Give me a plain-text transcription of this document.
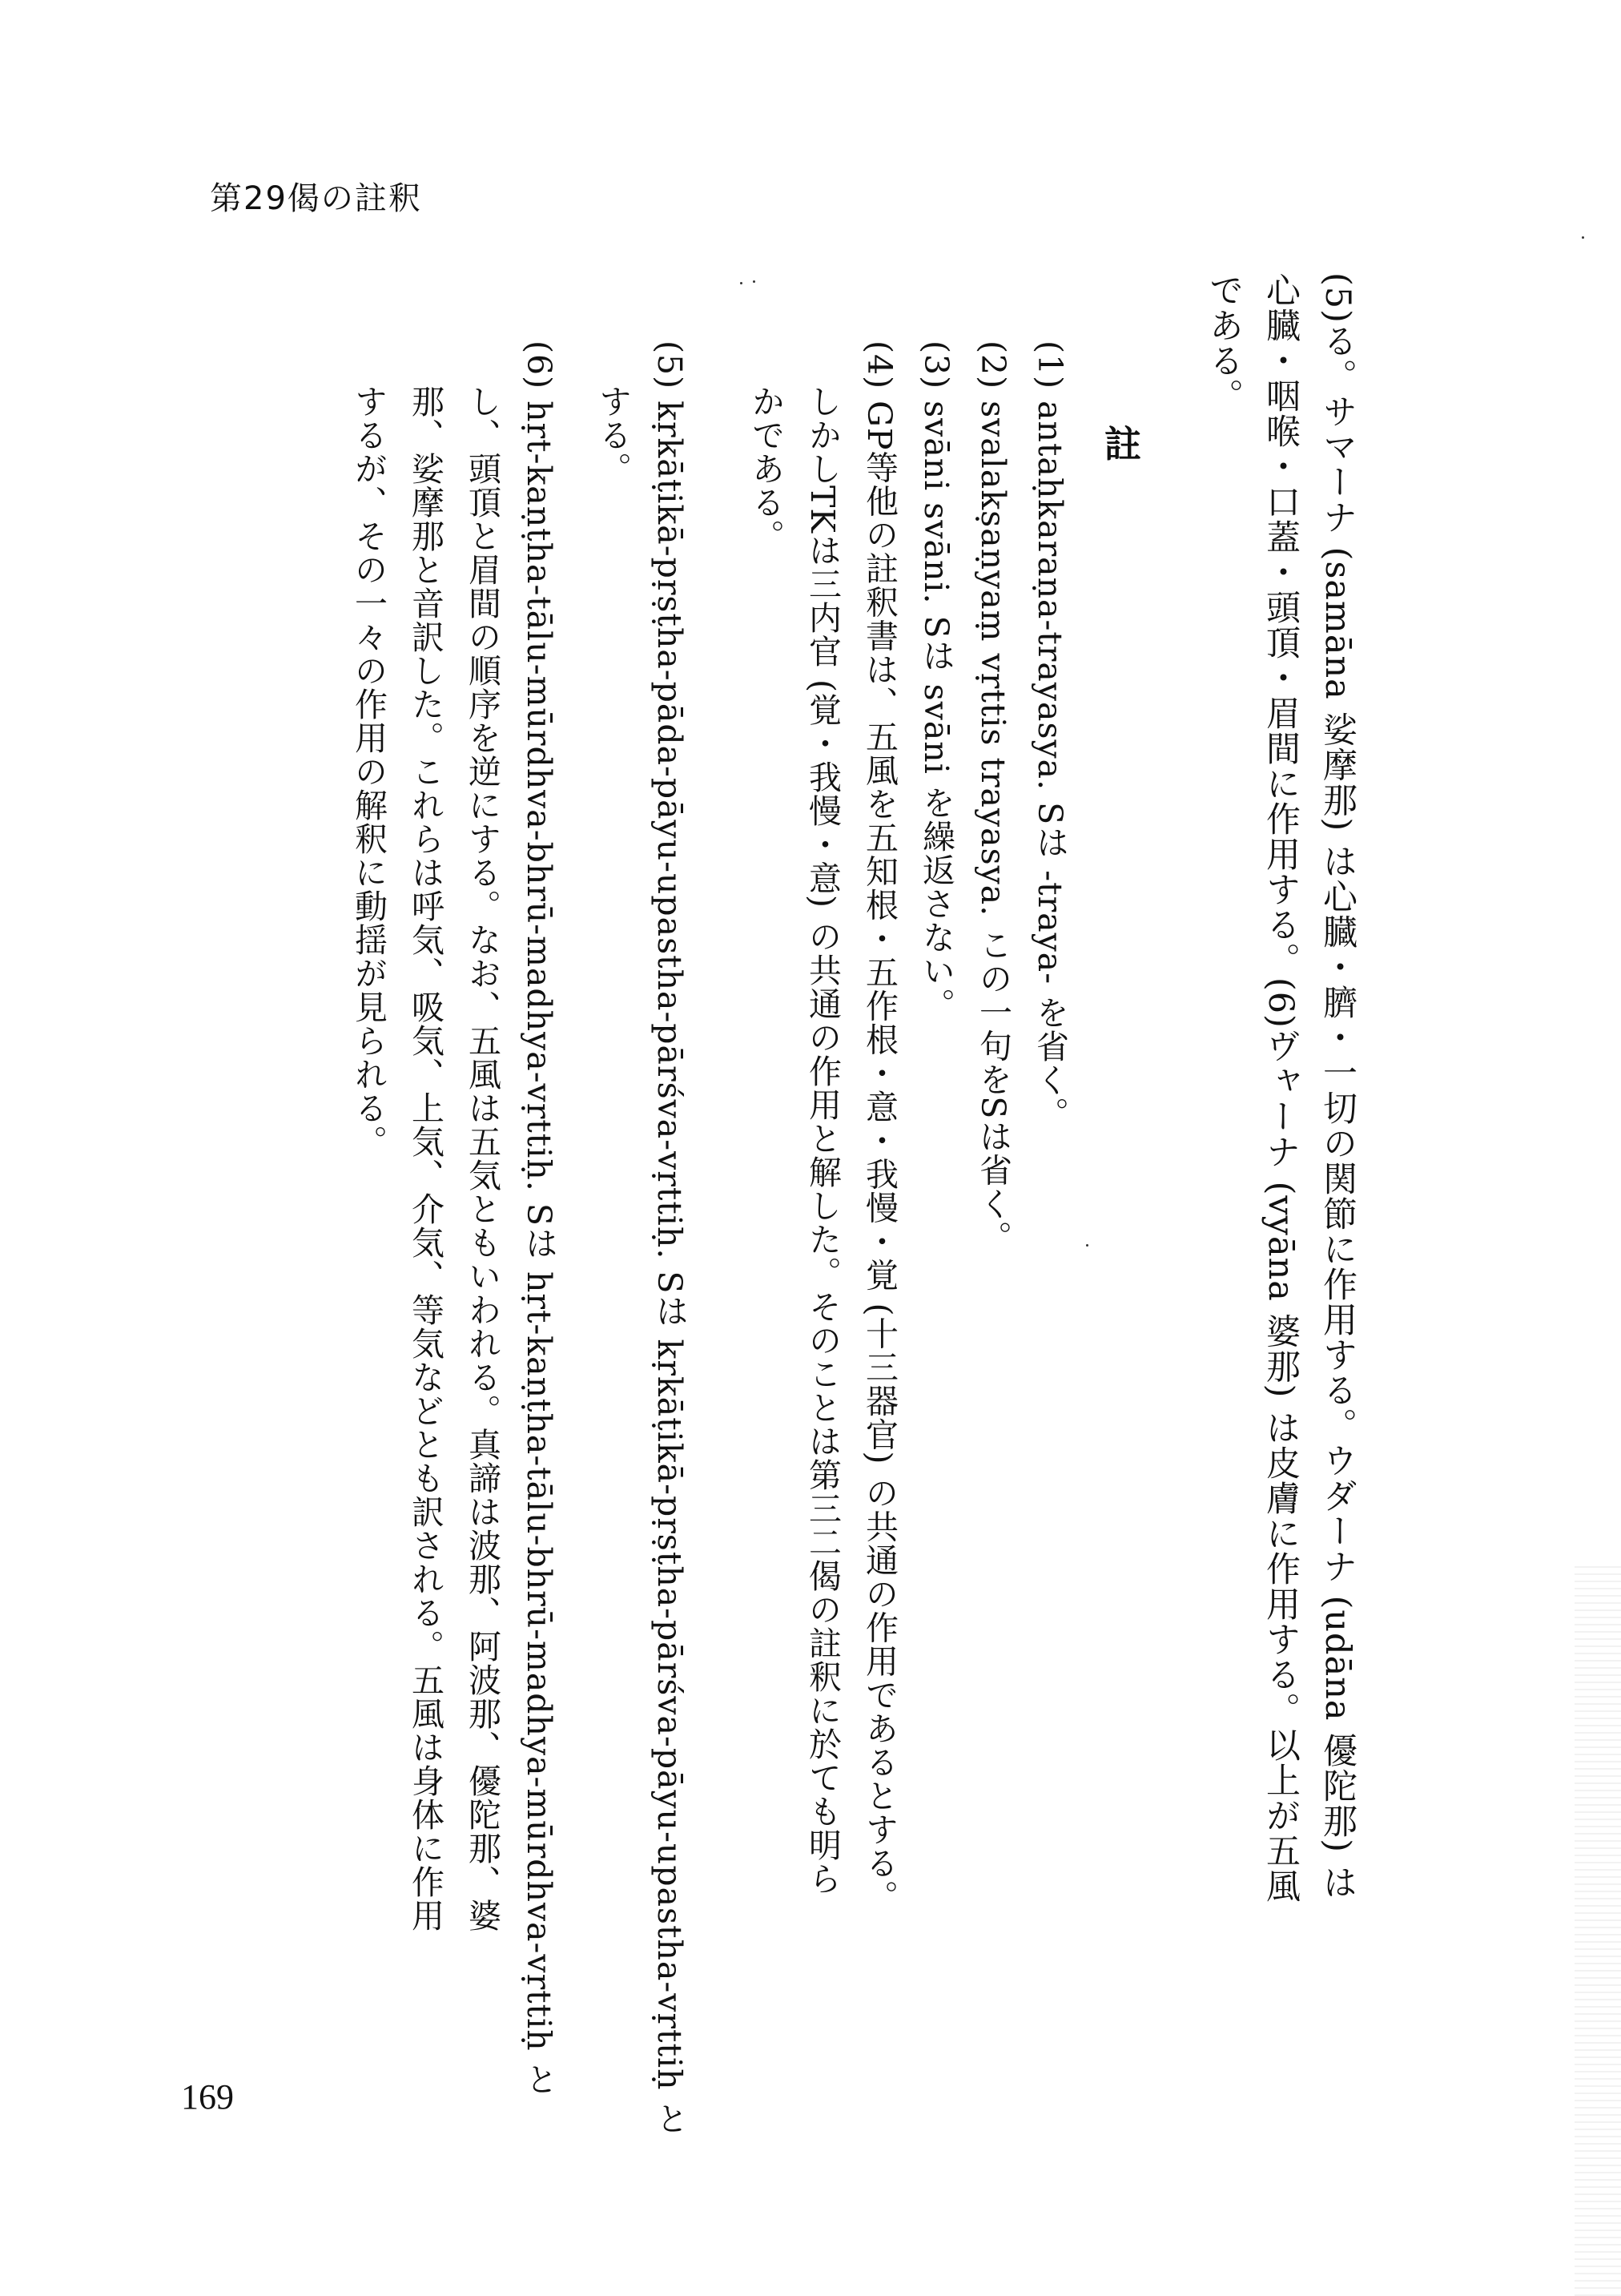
第29偈の註釈
(5)る。サマーナ (samāna 娑摩那) は心臓・臍・一切の関節に作用する。ウダーナ (udāna 優陀那) は
心臓・咽喉・口蓋・頭頂・眉間に作用する。(6)ヴャーナ (vyāna 婆那) は皮膚に作用する。以上が五風
である。
註
(1) antaḥkaraṇa-trayasya. Sは -traya- を省く。
(2) svalakṣaṇyaṃ vṛttis trayasya. この一句をSは省く。
(3) svāni svāni. Sは svāni を繰返さない。
(4) GP等他の註釈書は、五風を五知根・五作根・意・我慢・覚 (十三器官) の共通の作用であるとする。
しかしTKは三内官 (覚・我慢・意) の共通の作用と解した。そのことは第三二偈の註釈に於ても明ら
かである。
(5) kṛkāṭikā-pṛṣṭha-pāda-pāyu-upastha-pārśva-vṛttiḥ. Sは kṛkāṭikā-pṛṣṭha-pārśva-pāyu-upastha-vṛttiḥ と
する。
(6) hṛt-kaṇṭha-tālu-mūrdhva-bhrū-madhya-vṛttiḥ. Sは hṛt-kaṇṭha-tālu-bhrū-madhya-mūrdhva-vṛttiḥ と
し、頭頂と眉間の順序を逆にする。なお、五風は五気ともいわれる。真諦は波那、阿波那、優陀那、婆
那、娑摩那と音訳した。これらは呼気、吸気、上気、介気、等気などとも訳される。五風は身体に作用
するが、その一々の作用の解釈に動揺が見られる。
169
